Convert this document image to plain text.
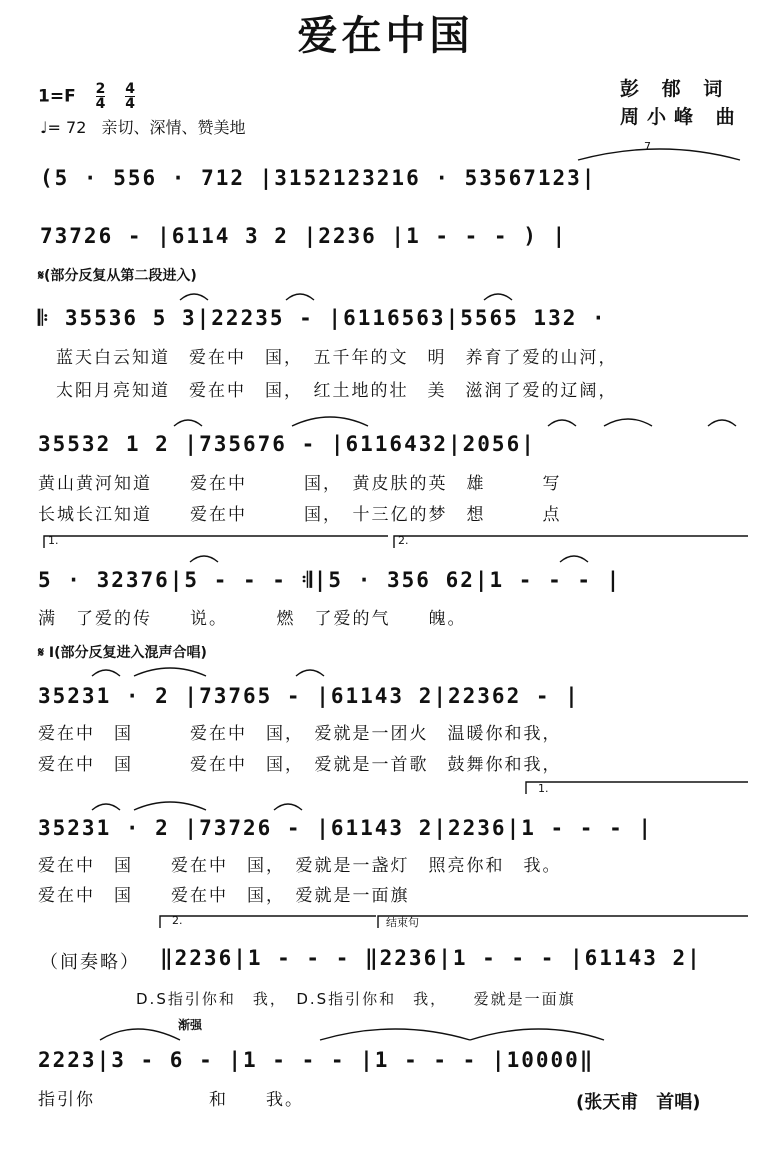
爱在中国
$1=F \frac{2}{4}$
$\frac{4}{4}$
♩= 72 亲切、深情、赞美地
彭 郁 词
周小峰 曲
(5 · 556 · 712 |3152123216 · 53567123|
7
73726 - |6114 3 2 |2236 |1 - - - ) |
𝄋(部分反复从第二段进入)
𝄆 35536 5 3|22235 - |6116563|5565 132 ·
蓝天白云知道　爱在中　国，　五千年的文　明　养育了爱的山河，
太阳月亮知道　爱在中　国，　红土地的壮　美　滋润了爱的辽阔，
35532 1 2 |735676 - |6116432|2056|
黄山黄河知道　　爱在中　　　国，　黄皮肤的英　雄　　　写
长城长江知道　　爱在中　　　国，　十三亿的梦　想　　　点
1.	2.
5 · 32376|5 - - - 𝄇|5 · 356 62|1 - - - |
满　了爱的传　　说。　　　燃　了爱的气　　魄。
𝄋 I(部分反复进入混声合唱)
35231 · 2 |73765 - |61143 2|22362 - |
爱在中　国　　　爱在中　国，　爱就是一团火　温暖你和我，
爱在中　国　　　爱在中　国，　爱就是一首歌　鼓舞你和我，
1.
35231 · 2 |73726 - |61143 2|2236|1 - - - |
爱在中　国　　爱在中　国，　爱就是一盏灯　照亮你和　我。
爱在中　国　　爱在中　国，　爱就是一面旗
2.	结束句
（间奏略） ‖2236|1 - - - ‖2236|1 - - - |61143 2|
D.S指引你和　我，　D.S指引你和　我，　　爱就是一面旗
渐强
2223|3 - 6 - |1 - - - |1 - - - |10000‖
指引你　　　　　　和　　我。	(张天甫　首唱)
